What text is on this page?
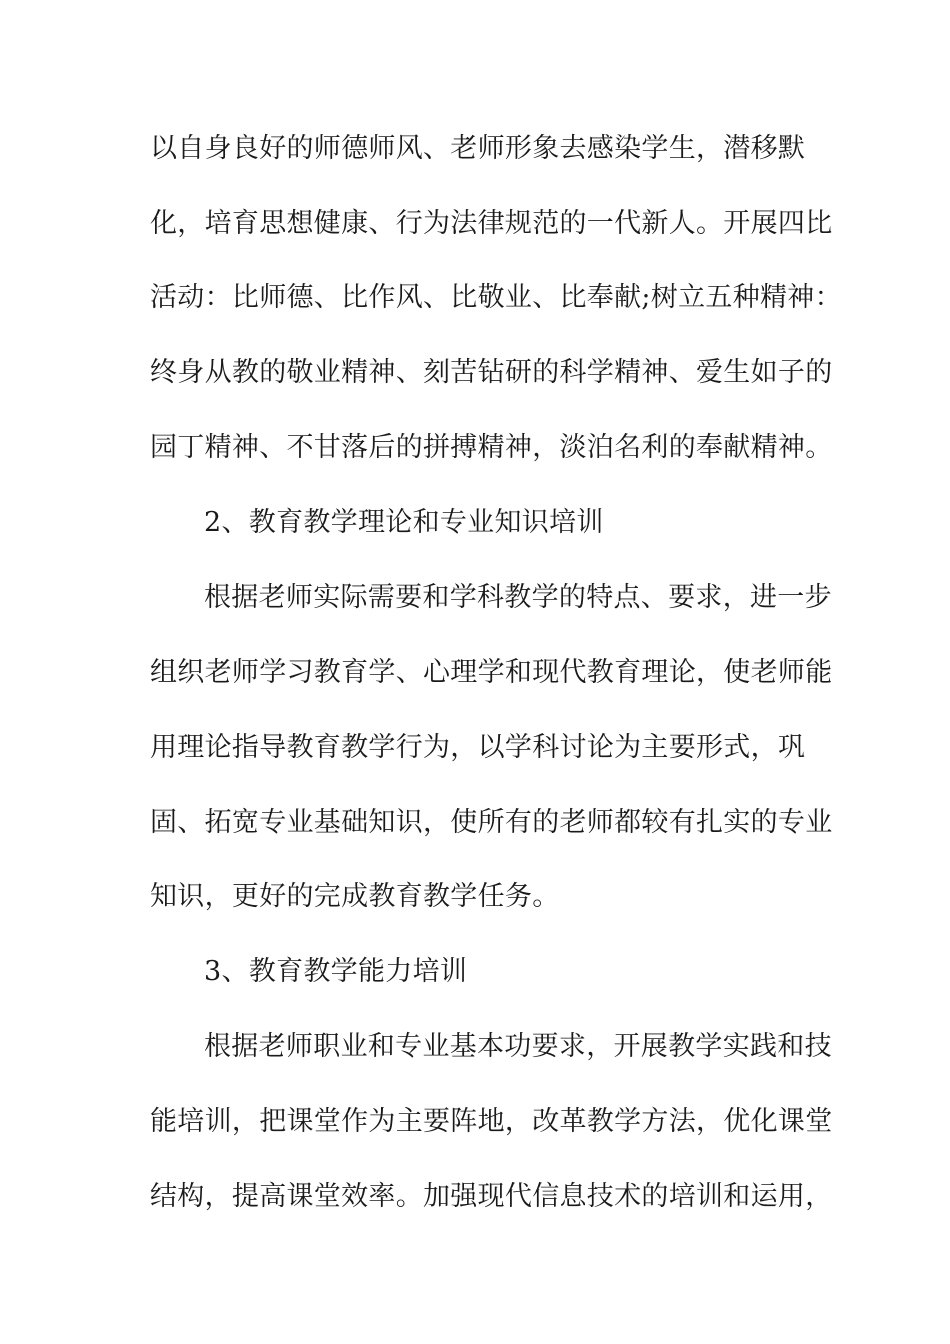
以自身良好的师德师风、老师形象去感染学生，潜移默

化，培育思想健康、行为法律规范的一代新人。开展四比

活动：比师德、比作风、比敬业、比奉献;树立五种精神：

终身从教的敬业精神、刻苦钻研的科学精神、爱生如子的

园丁精神、不甘落后的拼搏精神，淡泊名利的奉献精神。

2、教育教学理论和专业知识培训

根据老师实际需要和学科教学的特点、要求，进一步

组织老师学习教育学、心理学和现代教育理论，使老师能

用理论指导教育教学行为，以学科讨论为主要形式，巩

固、拓宽专业基础知识，使所有的老师都较有扎实的专业

知识，更好的完成教育教学任务。

3、教育教学能力培训

根据老师职业和专业基本功要求，开展教学实践和技

能培训，把课堂作为主要阵地，改革教学方法，优化课堂

结构，提高课堂效率。加强现代信息技术的培训和运用，
